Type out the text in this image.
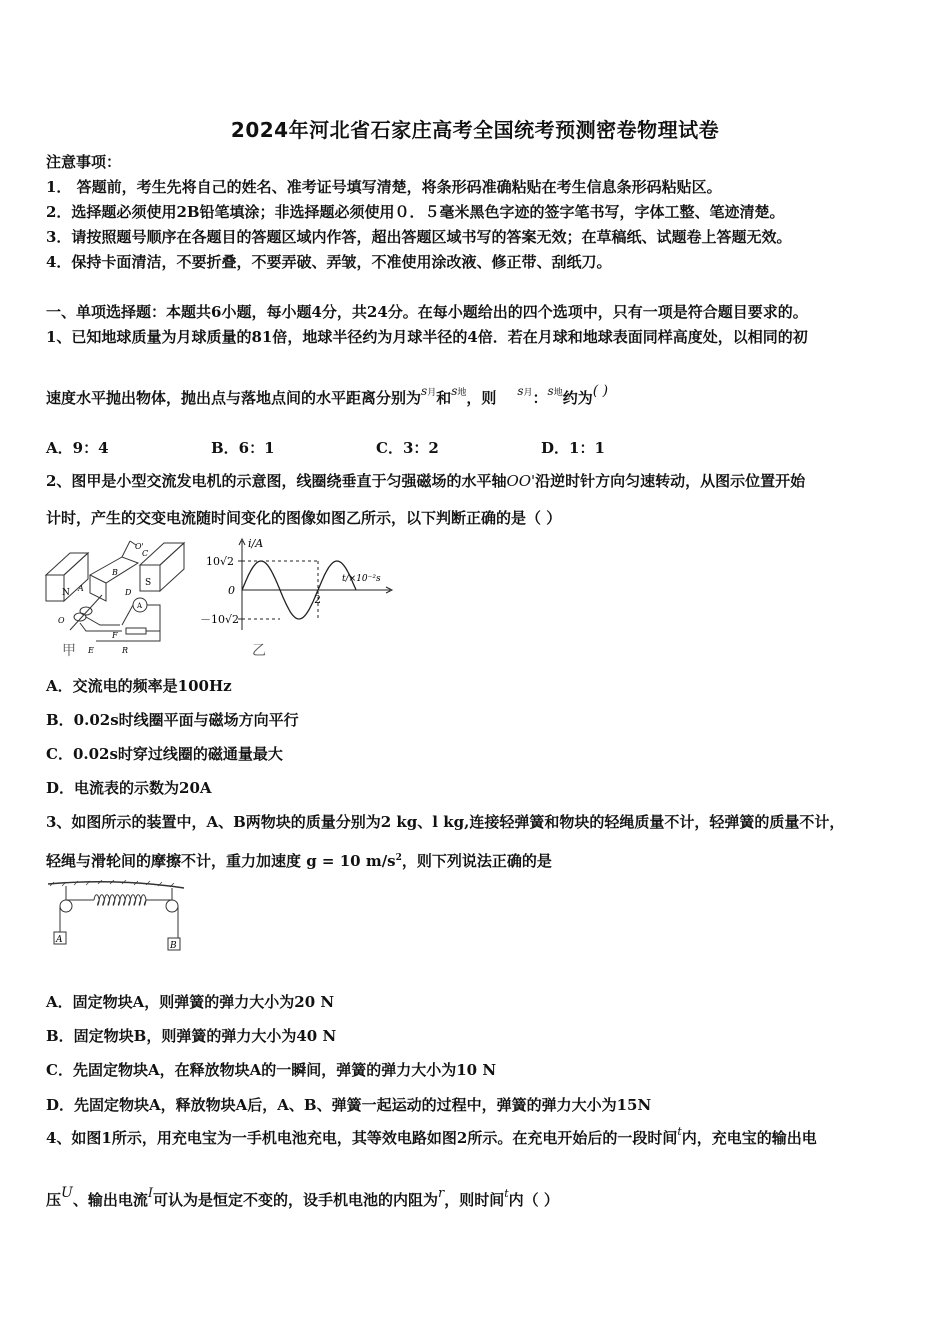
2024年河北省石家庄高考全国统考预测密卷物理试卷
注意事项：
1． 答题前，考生先将自己的姓名、准考证号填写清楚，将条形码准确粘贴在考生信息条形码粘贴区。
2．选择题必须使用2B铅笔填涂；非选择题必须使用０．５毫米黑色字迹的签字笔书写，字体工整、笔迹清楚。
3．请按照题号顺序在各题目的答题区域内作答，超出答题区域书写的答案无效；在草稿纸、试题卷上答题无效。
4．保持卡面清洁，不要折叠，不要弄破、弄皱，不准使用涂改液、修正带、刮纸刀。
一、单项选择题：本题共6小题，每小题4分，共24分。在每小题给出的四个选项中，只有一项是符合题目要求的。
1、已知地球质量为月球质量的81倍，地球半径约为月球半径的4倍．若在月球和地球表面同样高度处，以相同的初
速度水平抛出物体，抛出点与落地点间的水平距离分别为$^{s月}$和$^{s地}$，则 $^{s月}$：$^{s地}$约为( )
A．9：4	B．6：1	C．3：2	D．1：1
2、图甲是小型交流发电机的示意图，线圈绕垂直于匀强磁场的水平轴OO'沿逆时针方向匀速转动，从图示位置开始
计时，产生的交变电流随时间变化的图像如图乙所示，以下判断正确的是（ ）
N
S
O'
C
B
A	D
A
O
E
F
R
甲
i/A
t/×10⁻²s
10√2
0
－10√2
2
乙
A．交流电的频率是100Hz
B．0.02s时线圈平面与磁场方向平行
C．0.02s时穿过线圈的磁通量最大
D．电流表的示数为20A
3、如图所示的装置中，A、B两物块的质量分别为2 kg、l kg,连接轻弹簧和物块的轻绳质量不计，轻弹簧的质量不计，
轻绳与滑轮间的摩擦不计，重力加速度 g = 10 $m/s^2$，则下列说法正确的是
A
B
A．固定物块A，则弹簧的弹力大小为20 N
B．固定物块B，则弹簧的弹力大小为40 N
C．先固定物块A，在释放物块A的一瞬间，弹簧的弹力大小为10 N
D．先固定物块A，释放物块A后，A、B、弹簧一起运动的过程中，弹簧的弹力大小为15N
4、如图1所示，用充电宝为一手机电池充电，其等效电路如图2所示。在充电开始后的一段时间$^t$内，充电宝的输出电
压U、输出电流I可认为是恒定不变的，设手机电池的内阻为r，则时间$^t$内（ ）
